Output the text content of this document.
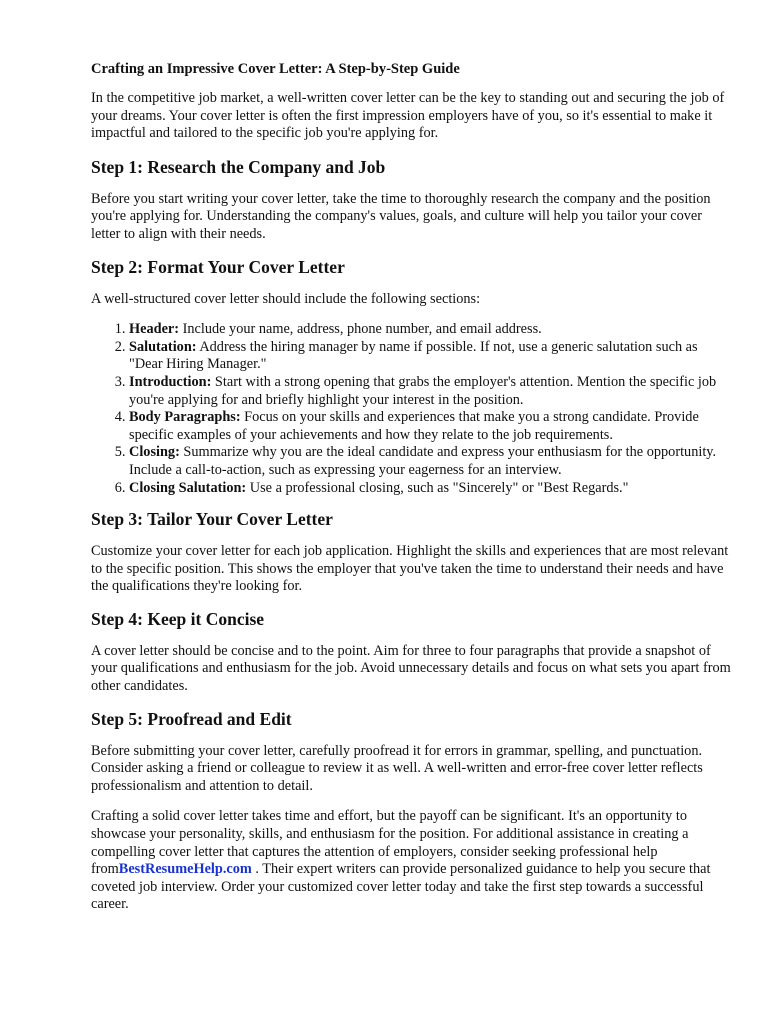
Crafting an Impressive Cover Letter: A Step-by-Step Guide

In the competitive job market, a well-written cover letter can be the key to standing out and securing the job of your dreams. Your cover letter is often the first impression employers have of you, so it's essential to make it impactful and tailored to the specific job you're applying for.

Step 1: Research the Company and Job

Before you start writing your cover letter, take the time to thoroughly research the company and the position you're applying for. Understanding the company's values, goals, and culture will help you tailor your cover letter to align with their needs.

Step 2: Format Your Cover Letter

A well-structured cover letter should include the following sections:

1. Header: Include your name, address, phone number, and email address.
2. Salutation: Address the hiring manager by name if possible. If not, use a generic salutation such as "Dear Hiring Manager."
3. Introduction: Start with a strong opening that grabs the employer's attention. Mention the specific job you're applying for and briefly highlight your interest in the position.
4. Body Paragraphs: Focus on your skills and experiences that make you a strong candidate. Provide specific examples of your achievements and how they relate to the job requirements.
5. Closing: Summarize why you are the ideal candidate and express your enthusiasm for the opportunity. Include a call-to-action, such as expressing your eagerness for an interview.
6. Closing Salutation: Use a professional closing, such as "Sincerely" or "Best Regards."
Step 3: Tailor Your Cover Letter

Customize your cover letter for each job application. Highlight the skills and experiences that are most relevant to the specific position. This shows the employer that you've taken the time to understand their needs and have the qualifications they're looking for.

Step 4: Keep it Concise

A cover letter should be concise and to the point. Aim for three to four paragraphs that provide a snapshot of your qualifications and enthusiasm for the job. Avoid unnecessary details and focus on what sets you apart from other candidates.

Step 5: Proofread and Edit

Before submitting your cover letter, carefully proofread it for errors in grammar, spelling, and punctuation. Consider asking a friend or colleague to review it as well. A well-written and error-free cover letter reflects professionalism and attention to detail.

Crafting a solid cover letter takes time and effort, but the payoff can be significant. It's an opportunity to showcase your personality, skills, and enthusiasm for the position. For additional assistance in creating a compelling cover letter that captures the attention of employers, consider seeking professional help fromBestResumeHelp.com . Their expert writers can provide personalized guidance to help you secure that coveted job interview. Order your customized cover letter today and take the first step towards a successful career.
